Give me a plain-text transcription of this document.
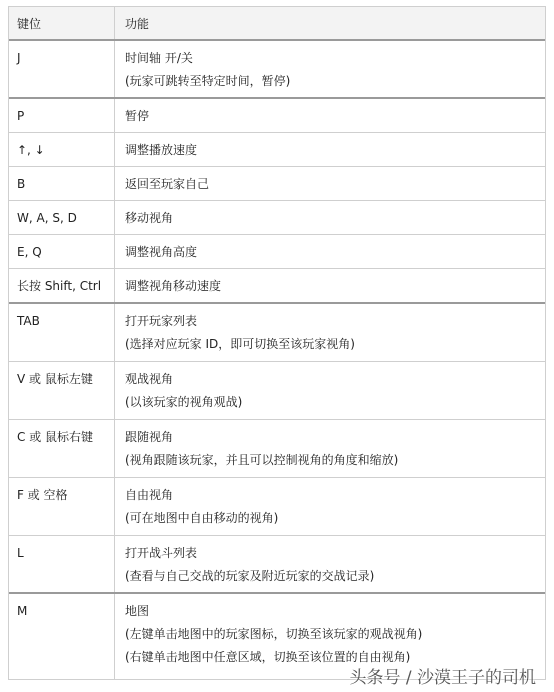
键位	功能
J	时间轴 开/关
(玩家可跳转至特定时间，暂停)
P	暂停
↑, ↓	调整播放速度
B	返回至玩家自己
W, A, S, D	移动视角
E, Q	调整视角高度
长按 Shift, Ctrl	调整视角移动速度
TAB	打开玩家列表
(选择对应玩家 ID，即可切换至该玩家视角)
V 或 鼠标左键	观战视角
(以该玩家的视角观战)
C 或 鼠标右键	跟随视角
(视角跟随该玩家，并且可以控制视角的角度和缩放)
F 或 空格	自由视角
(可在地图中自由移动的视角)
L	打开战斗列表
(查看与自己交战的玩家及附近玩家的交战记录)
M	地图
(左键单击地图中的玩家图标，切换至该玩家的观战视角)
(右键单击地图中任意区域，切换至该位置的自由视角)
头条号 / 沙漠王子的司机
